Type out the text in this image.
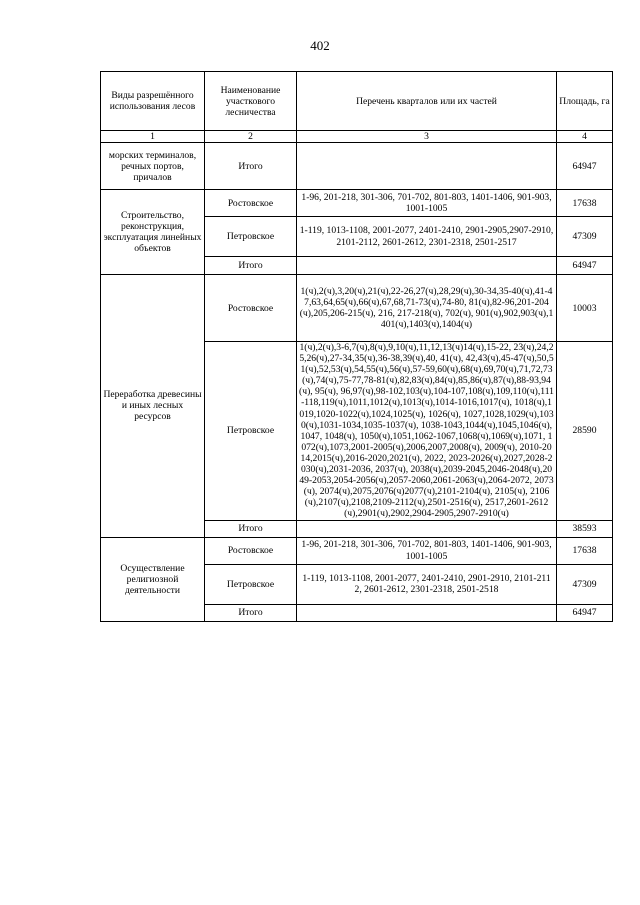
402
Виды разрешённого использования лесов	Наименование участкового лесничества	Перечень кварталов или их частей	Площадь, га
1	2	3	4
морских терминалов, речных портов, причалов	Итого		64947
Строительство, реконструкция, эксплуатация линейных объектов	Ростовское	1-96, 201-218, 301-306, 701-702, 801-803, 1401-1406, 901-903, 1001-1005	17638
	Петровское	1-119, 1013-1108, 2001-2077, 2401-2410, 2901-2905,2907-2910, 2101-2112, 2601-2612, 2301-2318, 2501-2517	47309
	Итого		64947
Переработка древесины и иных лесных ресурсов	Ростовское	1(ч),2(ч),3,20(ч),21(ч),22-26,27(ч),28,29(ч),30-34,35-40(ч),41-47,63,64,65(ч),66(ч),67,68,71-73(ч),74-80, 81(ч),82-96,201-204(ч),205,206-215(ч), 216, 217-218(ч), 702(ч), 901(ч),902,903(ч),1401(ч),1403(ч),1404(ч)	10003
	Петровское	1(ч),2(ч),3-6,7(ч),8(ч),9,10(ч),11,12,13(ч)14(ч),15-22, 23(ч),24,25,26(ч),27-34,35(ч),36-38,39(ч),40, 41(ч), 42,43(ч),45-47(ч),50,51(ч),52,53(ч),54,55(ч),56(ч),57-59,60(ч),68(ч),69,70(ч),71,72,73(ч),74(ч),75-77,78-81(ч),82,83(ч),84(ч),85,86(ч),87(ч),88-93,94(ч), 95(ч), 96,97(ч),98-102,103(ч),104-107,108(ч),109,110(ч),111-118,119(ч),1011,1012(ч),1013(ч),1014-1016,1017(ч), 1018(ч),1019,1020-1022(ч),1024,1025(ч), 1026(ч), 1027,1028,1029(ч),1030(ч),1031-1034,1035-1037(ч), 1038-1043,1044(ч),1045,1046(ч),1047, 1048(ч), 1050(ч),1051,1062-1067,1068(ч),1069(ч),1071, 1072(ч),1073,2001-2005(ч),2006,2007,2008(ч), 2009(ч), 2010-2014,2015(ч),2016-2020,2021(ч), 2022, 2023-2026(ч),2027,2028-2030(ч),2031-2036, 2037(ч), 2038(ч),2039-2045,2046-2048(ч),2049-2053,2054-2056(ч),2057-2060,2061-2063(ч),2064-2072, 2073(ч), 2074(ч),2075,2076(ч)2077(ч),2101-2104(ч), 2105(ч), 2106(ч),2107(ч),2108,2109-2112(ч),2501-2516(ч), 2517,2601-2612(ч),2901(ч),2902,2904-2905,2907-2910(ч)	28590
	Итого		38593
Осуществление религиозной деятельности	Ростовское	1-96, 201-218, 301-306, 701-702, 801-803, 1401-1406, 901-903, 1001-1005	17638
	Петровское	1-119, 1013-1108, 2001-2077, 2401-2410, 2901-2910, 2101-2112, 2601-2612, 2301-2318, 2501-2518	47309
	Итого		64947
